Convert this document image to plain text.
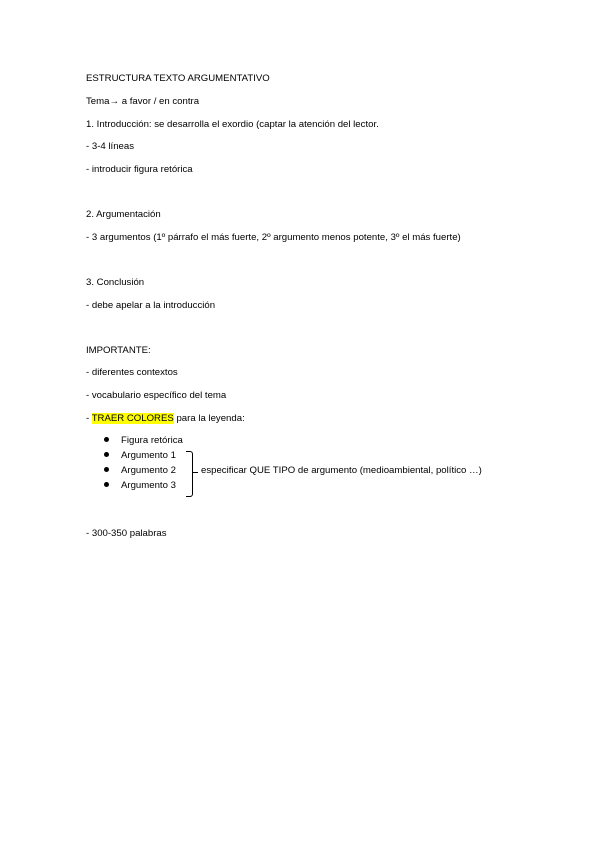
ESTRUCTURA TEXTO ARGUMENTATIVO
Tema→ a favor / en contra
1. Introducción: se desarrolla el exordio (captar la atención del lector.
- 3-4 líneas
- introducir figura retórica
2. Argumentación
- 3 argumentos (1º párrafo el más fuerte, 2º argumento menos potente, 3º el más fuerte)
3. Conclusión
- debe apelar a la introducción
IMPORTANTE:
- diferentes contextos
- vocabulario específico del tema
- TRAER COLORES para la leyenda:
Figura retórica
Argumento 1
Argumento 2
Argumento 3
especificar QUE TIPO de argumento (medioambiental, político …)
- 300-350 palabras
